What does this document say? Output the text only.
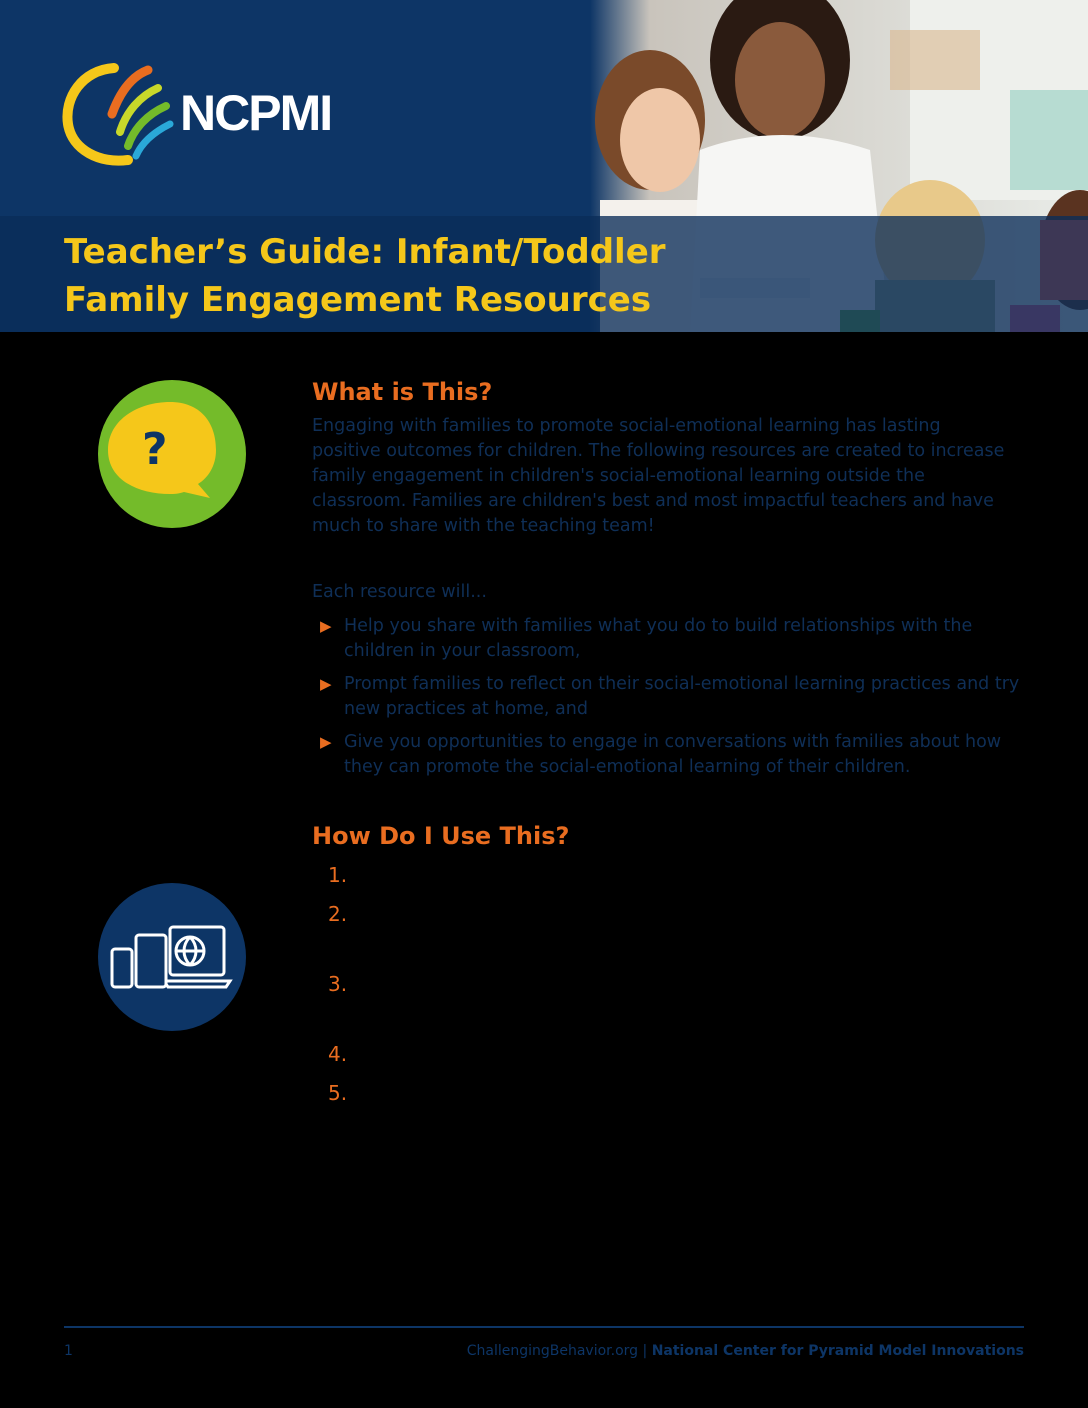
NCPMI
Teacher’s Guide: Infant/Toddler
Family Engagement Resources
?
What is This?
Engaging with families to promote social-emotional learning has lasting positive outcomes for children. The following resources are created to increase family engagement in children's social-emotional learning outside the classroom. Families are children's best and most impactful teachers and have much to share with the teaching team!
Each resource will...
▶ Help you share with families what you do to build relationships with the children in your classroom,
▶ Prompt families to reflect on their social-emotional learning practices and try new practices at home, and
▶ Give you opportunities to engage in conversations with families about how they can promote the social-emotional learning of their children.
How Do I Use This?
1.
2.
3.
4.
5.
1	ChallengingBehavior.org | National Center for Pyramid Model Innovations
